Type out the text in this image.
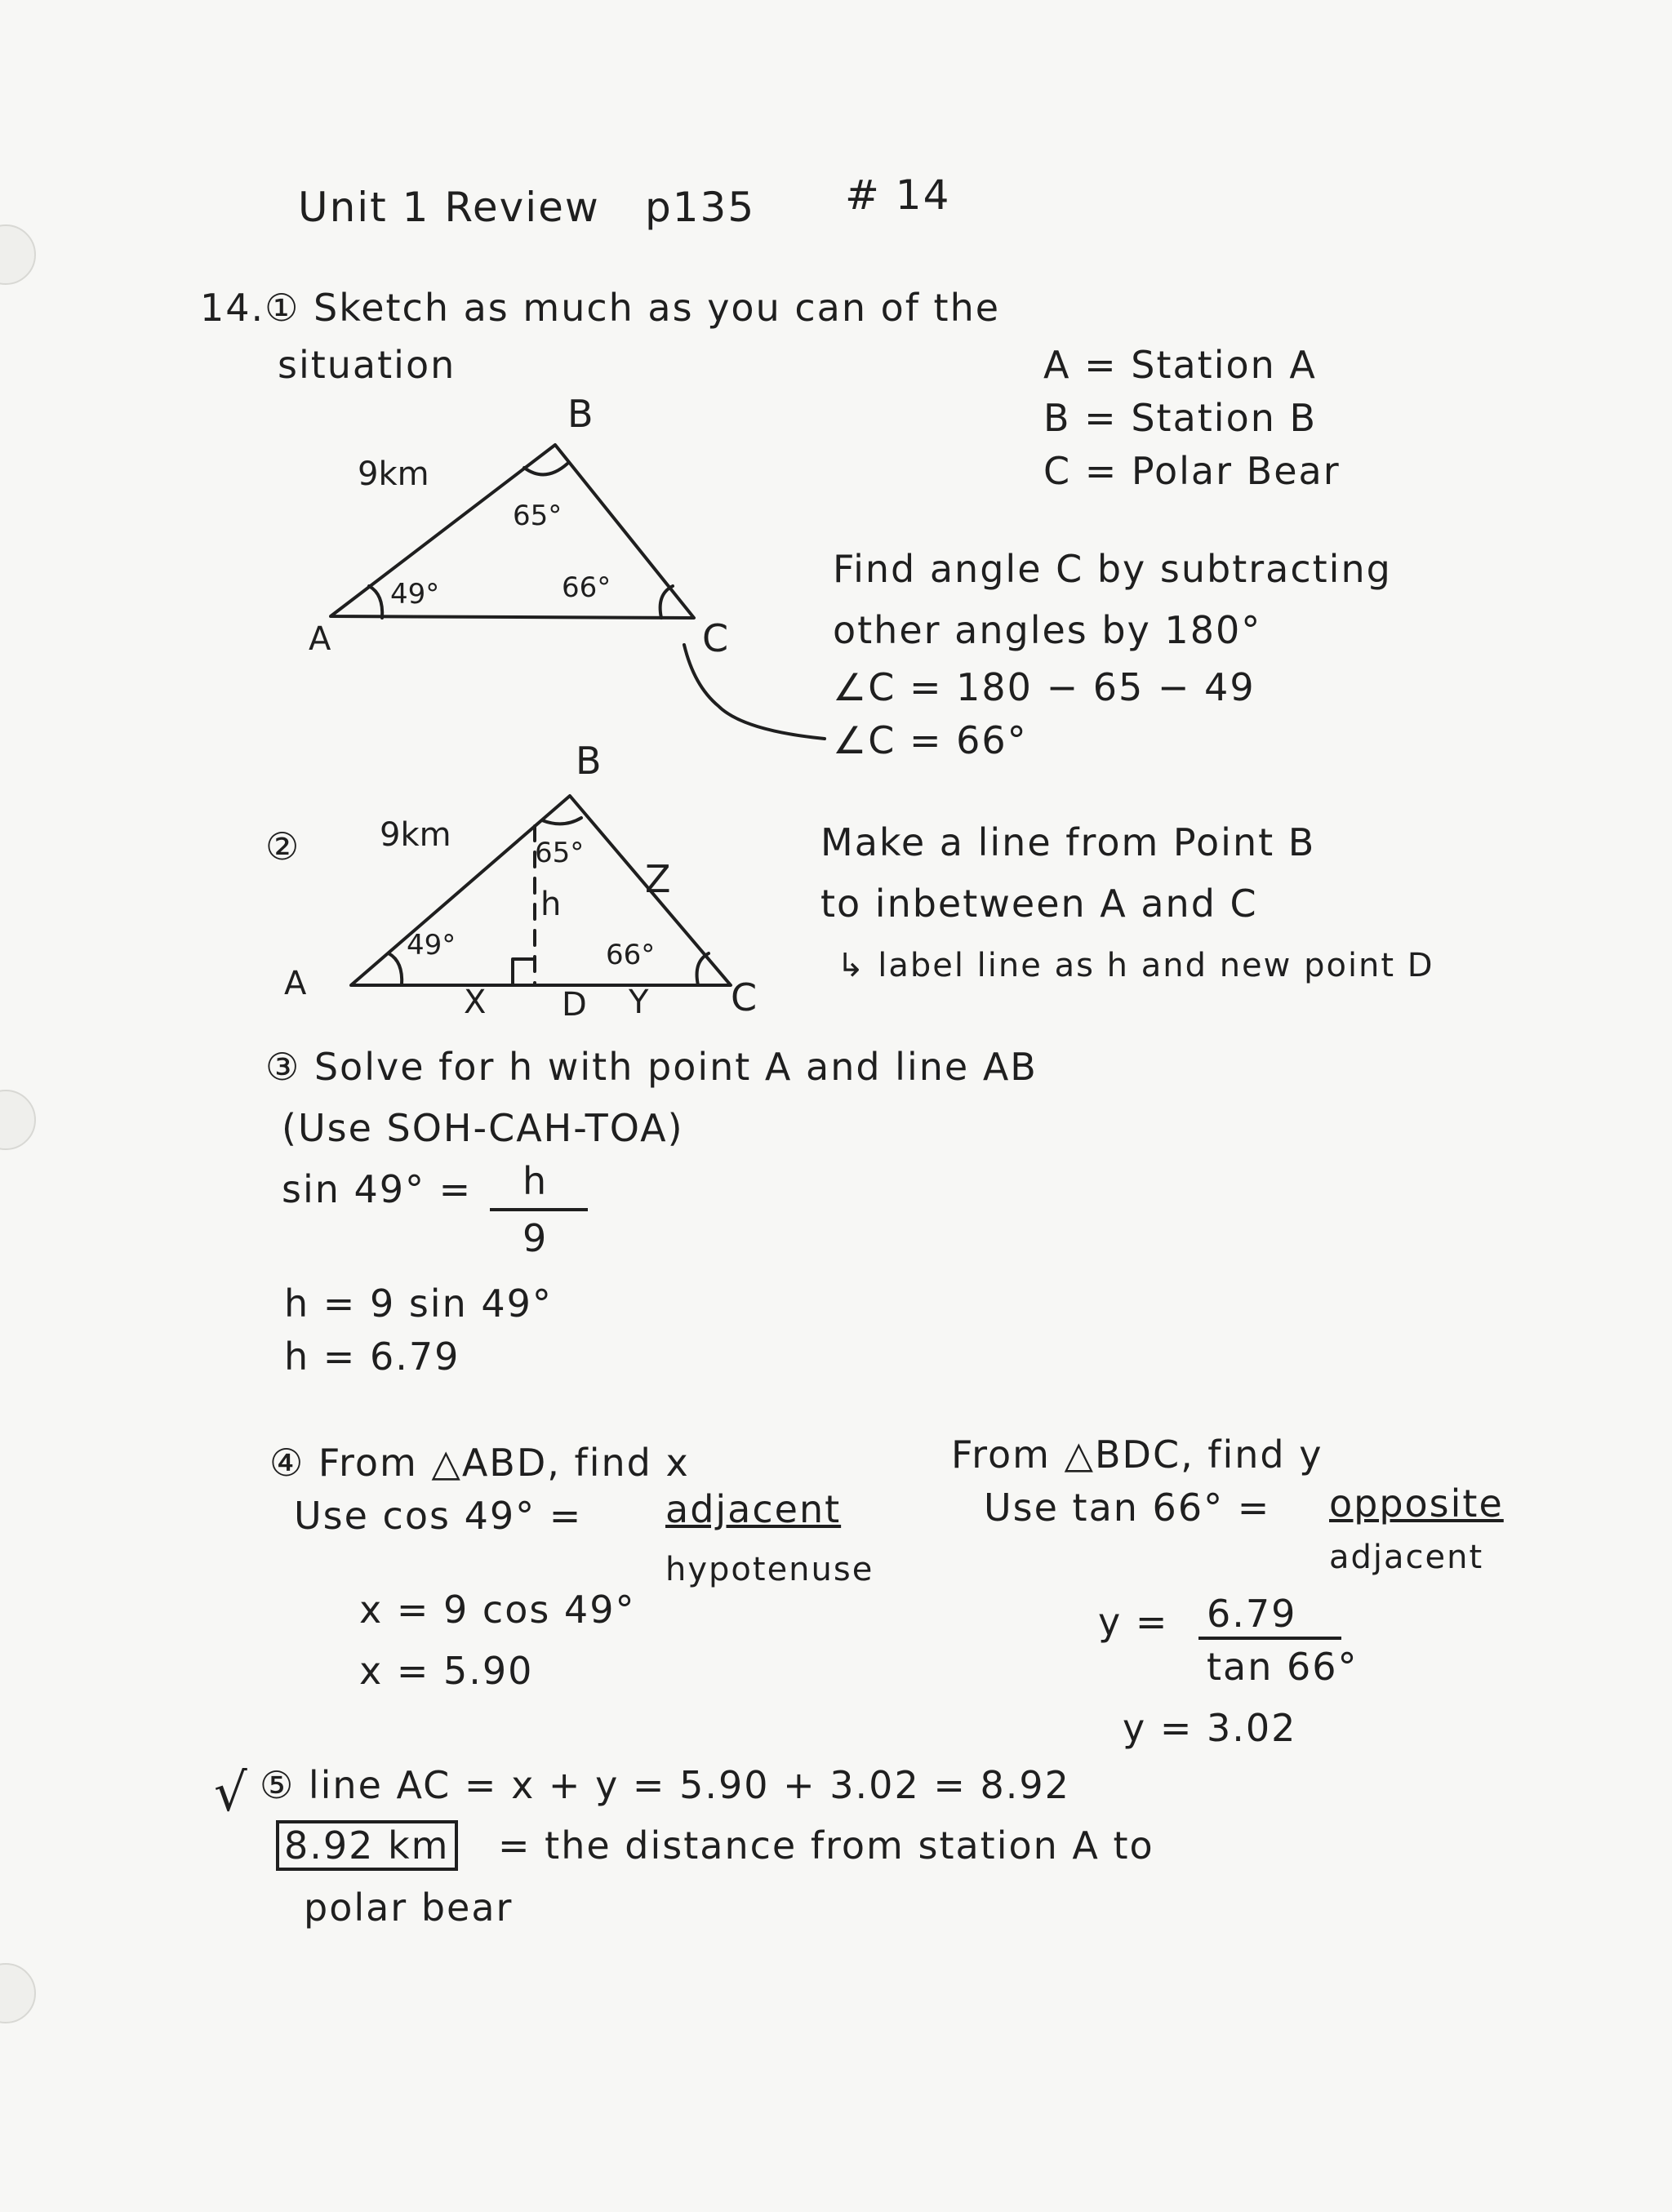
Unit 1 Review p135 # 14
14.① Sketch as much as you can of the
situation	A = Station A
B = Station B
C = Polar Bear
Find angle C by subtracting
other angles by 180°
∠C = 180 − 65 − 49
∠C = 66°
A
B
C
9km
49°
65°
66°
②
A
B
C
D
9km
49°
65°
66°
h
Z
X	Y
Make a line from Point B
to inbetween A and C
↳ label line as h and new point D
③ Solve for h with point A and line AB
(Use SOH-CAH-TOA)
sin 49° = h
9
h = 9 sin 49°
h = 6.79
④ From △ABD, find x
Use cos 49° = adjacent
hypotenuse
x = 9 cos 49°
x = 5.90
From △BDC, find y
Use tan 66° = opposite
adjacent
y = 6.79
tan 66°
y = 3.02
√ ⑤ line AC = x + y = 5.90 + 3.02 = 8.92
8.92 km = the distance from station A to
polar bear
